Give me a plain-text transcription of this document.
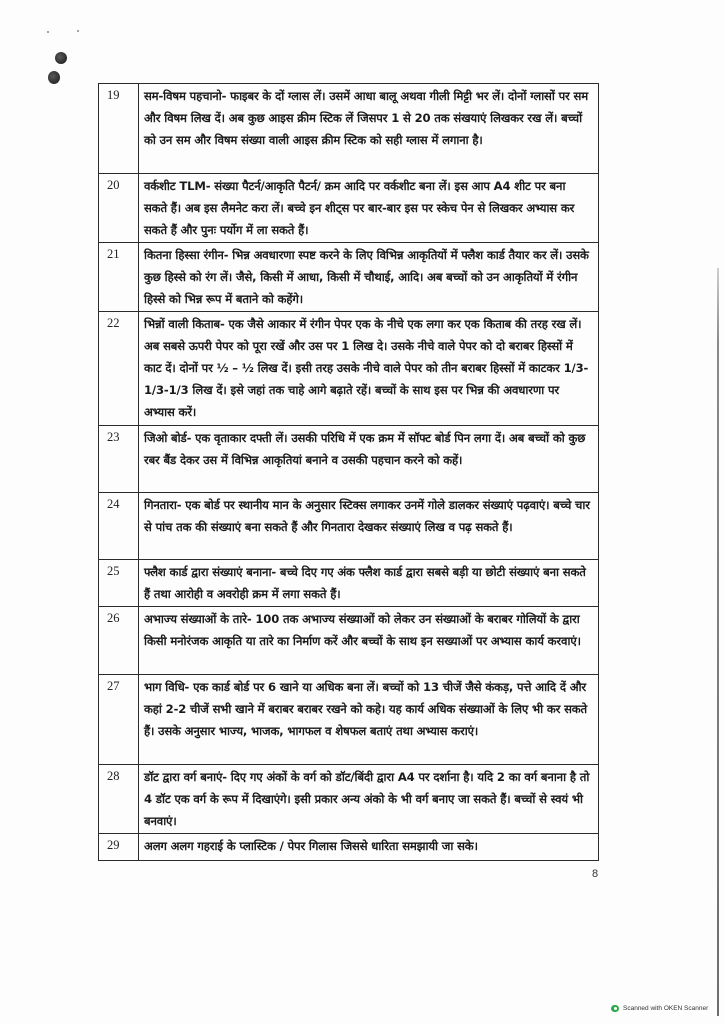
19	सम-विषम पहचानो- फाइबर के दों ग्लास लें। उसमें आधा बालू अथवा गीली मिट्टी भर लें। दोनों ग्लासों पर सम और विषम लिख दें। अब कुछ आइस क्रीम स्टिक लें जिसपर 1 से 20 तक संखयाएं लिखकर रख लें। बच्चों को उन सम और विषम संख्या वाली आइस क्रीम स्टिक को सही ग्लास में लगाना है।
20	वर्कशीट TLM- संख्या पैटर्न/आकृति पैटर्न/ क्रम आदि पर वर्कशीट बना लें। इस आप A4 शीट पर बना सकते हैं। अब इस लैमनेट करा लें। बच्चे इन शीट्स पर बार-बार इस पर स्केच पेन से लिखकर अभ्यास कर सकते हैं और पुनः पर्योग में ला सकते हैं।
21	कितना हिस्सा रंगीन- भिन्न अवधारणा स्पष्ट करने के लिए विभिन्न आकृतियों में फ्लैश कार्ड तैयार कर लें। उसके कुछ हिस्से को रंग लें। जैसे, किसी में आधा, किसी में चौथाई, आदि। अब बच्चों को उन आकृतियों में रंगीन हिस्से को भिन्न रूप में बताने को कहेंगे।
22	भिन्नों वाली किताब- एक जैसे आकार में रंगीन पेपर एक के नीचे एक लगा कर एक किताब की तरह रख लें। अब सबसे ऊपरी पेपर को पूरा रखें और उस पर 1 लिख दे। उसके नीचे वाले पेपर को दो बराबर हिस्सों में काट दें। दोनों पर ½ – ½ लिख दें। इसी तरह उसके नीचे वाले पेपर को तीन बराबर हिस्सों में काटकर 1/3-1/3-1/3 लिख दें। इसे जहां तक चाहे आगे बढ़ाते रहें। बच्चों के साथ इस पर भिन्न की अवधारणा पर अभ्यास करें।
23	जिओ बोर्ड- एक वृताकार दफ्ती लें। उसकी परिधि में एक क्रम में सॉफ्ट बोर्ड पिन लगा दें। अब बच्चों को कुछ रबर बैंड देकर उस में विभिन्न आकृतियां बनाने व उसकी पहचान करने को कहें।
24	गिनतारा- एक बोर्ड पर स्थानीय मान के अनुसार स्टिक्स लगाकर उनमें गोले डालकर संख्याएं पढ़वाएं। बच्चे चार से पांच तक की संख्याएं बना सकते हैं और गिनतारा देखकर संख्याएं लिख व पढ़ सकते हैं।
25	फ्लैश कार्ड द्वारा संख्याएं बनाना- बच्चे दिए गए अंक फ्लैश कार्ड द्वारा सबसे बड़ी या छोटी संख्याएं बना सकते हैं तथा आरोही व अवरोही क्रम में लगा सकते हैं।
26	अभाज्य संख्याओं के तारे- 100 तक अभाज्य संख्याओं को लेकर उन संख्याओं के बराबर गोलियों के द्वारा किसी मनोरंजक आकृति या तारे का निर्माण करें और बच्चों के साथ इन सख्याओं पर अभ्यास कार्य करवाएं।
27	भाग विधि- एक कार्ड बोर्ड पर 6 खाने या अधिक बना लें। बच्चों को 13 चीजें जैसे कंकड़, पत्ते आदि दें और कहां 2-2 चीजें सभी खाने में बराबर बराबर रखने को कहे। यह कार्य अधिक संख्याओं के लिए भी कर सकते हैं। उसके अनुसार भाज्य, भाजक, भागफल व शेषफल बताएं तथा अभ्यास कराएं।
28	डॉट द्वारा वर्ग बनाएं- दिए गए अंकों के वर्ग को डॉट/बिंदी द्वारा A4 पर दर्शाना है। यदि 2 का वर्ग बनाना है तो 4 डॉट एक वर्ग के रूप में दिखाएंगे। इसी प्रकार अन्य अंको के भी वर्ग बनाए जा सकते हैं। बच्चों से स्वयं भी बनवाएं।
29	अलग अलग गहराई के प्लास्टिक / पेपर गिलास जिससे धारिता समझायी जा सके।
8
Scanned with OKEN Scanner
